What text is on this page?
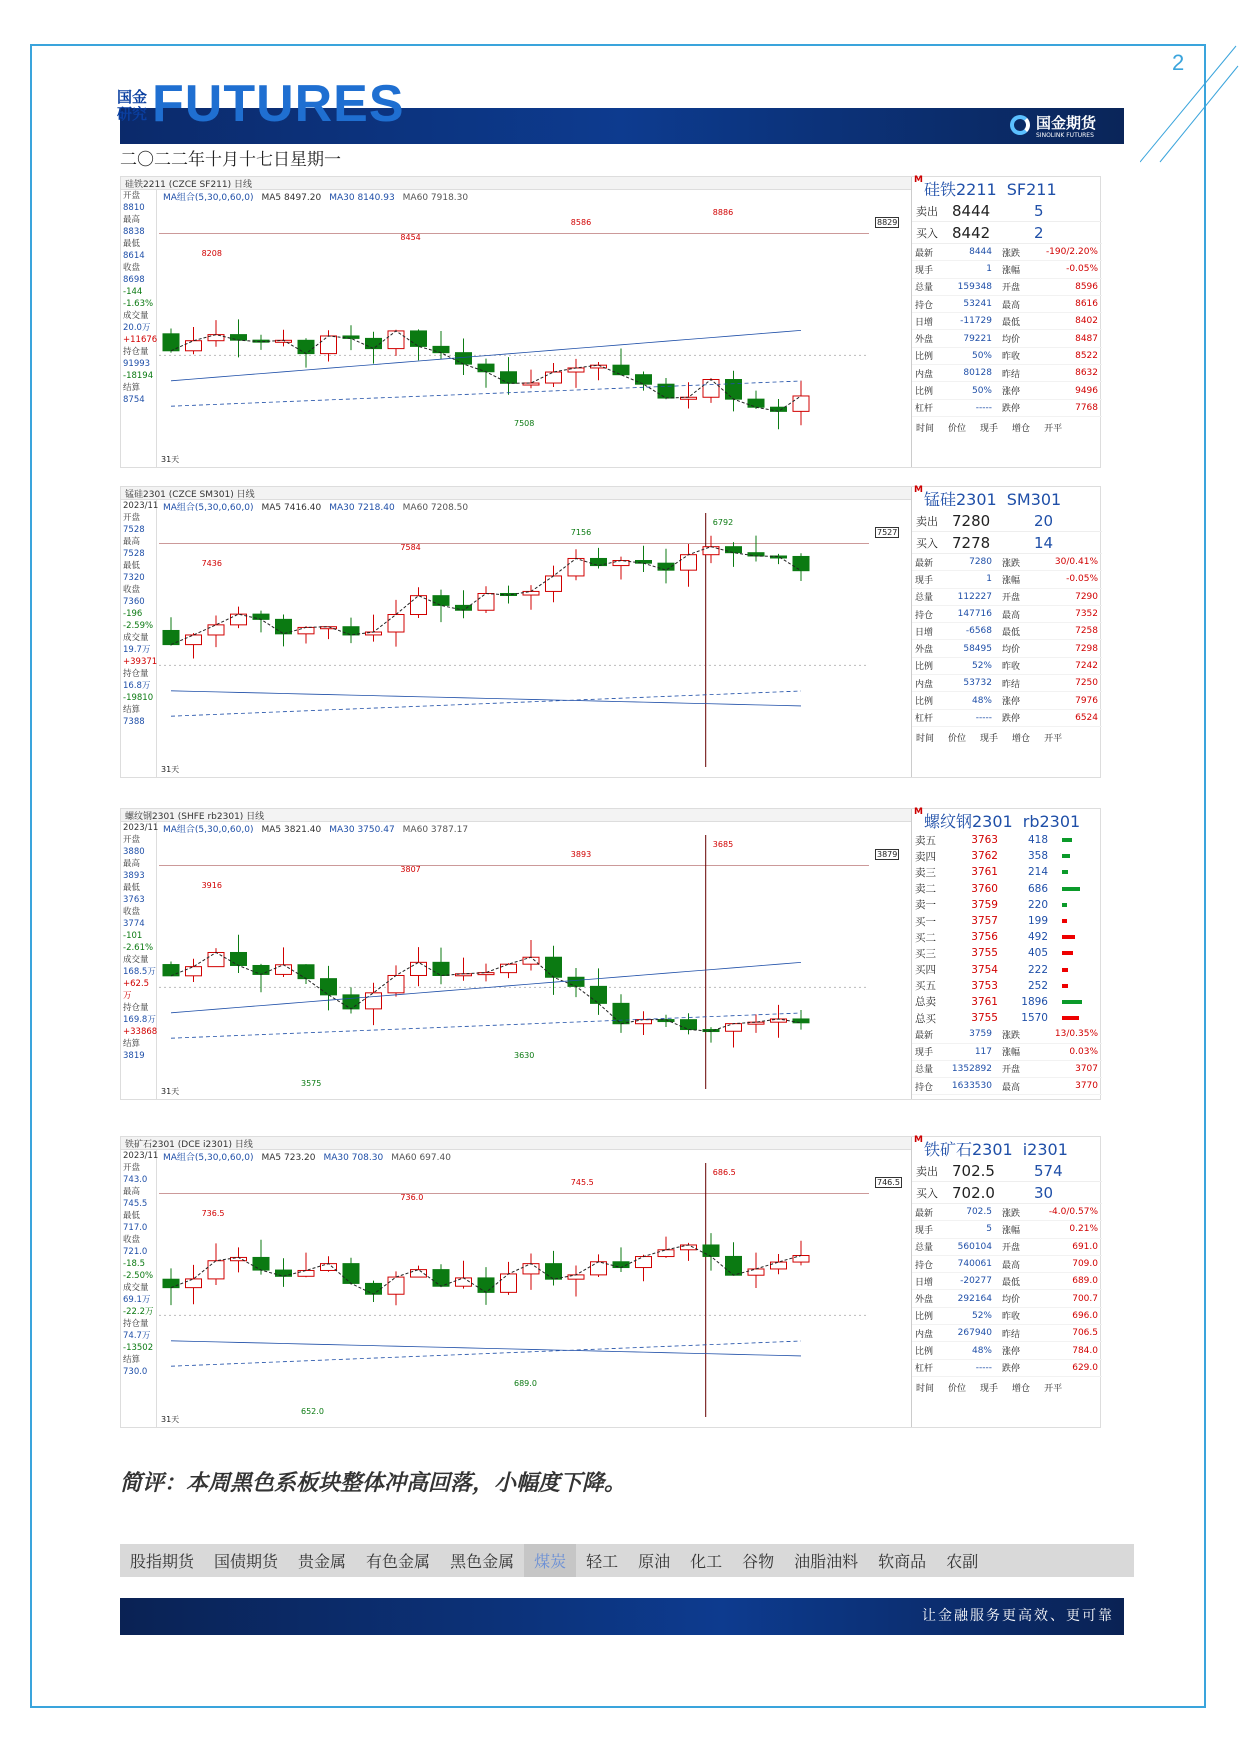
2
国金
研究 FUTURES	国金期货
SINOLINK FUTURES
二〇二二年十月十七日星期一
硅铁2211 (CZCE SF211) 日线
MA组合(5,30,0,60,0) MA5 8497.20 MA30 8140.93 MA60 7918.30
开盘
8810
最高
8838
最低
8614
收盘
8698
-144
-1.63%
成交量
20.0万
+11676
持仓量
91993
-18194
结算
8754
8208
8454
8586
8886
7508
8829
31天
M 硅铁2211 SF211
卖出 8444	5
买入 8442	2
最新	8444	涨跌	-190/2.20%
现手	1	涨幅	-0.05%
总量	159348	开盘	8596
持仓	53241	最高	8616
日增	-11729	最低	8402
外盘	79221	均价	8487
比例	50%	昨收	8522
内盘	80128	昨结	8632
比例	50%	涨停	9496
杠杆	-----	跌停	7768
时间 价位 现手 增仓 开平
锰硅2301 (CZCE SM301) 日线
MA组合(5,30,0,60,0) MA5 7416.40 MA30 7218.40 MA60 7208.50
2023/11
开盘
7528
最高
7528
最低
7320
收盘
7360
-196
-2.59%
成交量
19.7万
+39371
持仓量
16.8万
-19810
结算
7388
7436
7584
7156
6792
7527
31天
M 锰硅2301 SM301
卖出 7280	20
买入 7278	14
最新	7280	涨跌	30/0.41%
现手	1	涨幅	-0.05%
总量	112227	开盘	7290
持仓	147716	最高	7352
日增	-6568	最低	7258
外盘	58495	均价	7298
比例	52%	昨收	7242
内盘	53732	昨结	7250
比例	48%	涨停	7976
杠杆	-----	跌停	6524
时间 价位 现手 增仓 开平
螺纹钢2301 (SHFE rb2301) 日线
MA组合(5,30,0,60,0) MA5 3821.40 MA30 3750.47 MA60 3787.17
2023/11
开盘
3880
最高
3893
最低
3763
收盘
3774
-101
-2.61%
成交量
168.5万
+62.5万
持仓量
169.8万
+33868
结算
3819
3916
3807
3893
3685
3630
3575
3879
31天
M 螺纹钢2301 rb2301
卖五	3763	418
卖四	3762	358
卖三	3761	214
卖二	3760	686
卖一	3759	220
买一	3757	199
买二	3756	492
买三	3755	405
买四	3754	222
买五	3753	252
总卖	3761	1896
总买	3755	1570
最新	3759	涨跌	13/0.35%
现手	117	涨幅	0.03%
总量	1352892	开盘	3707
持仓	1633530	最高	3770
铁矿石2301 (DCE i2301) 日线
MA组合(5,30,0,60,0) MA5 723.20 MA30 708.30 MA60 697.40
2023/11
开盘
743.0
最高
745.5
最低
717.0
收盘
721.0
-18.5
-2.50%
成交量
69.1万
-22.2万
持仓量
74.7万
-13502
结算
730.0
736.5
736.0
745.5
686.5
689.0
652.0
746.5
31天
M 铁矿石2301 i2301
卖出 702.5	574
买入 702.0	30
最新	702.5	涨跌	-4.0/0.57%
现手	5	涨幅	0.21%
总量	560104	开盘	691.0
持仓	740061	最高	709.0
日增	-20277	最低	689.0
外盘	292164	均价	700.7
比例	52%	昨收	696.0
内盘	267940	昨结	706.5
比例	48%	涨停	784.0
杠杆	-----	跌停	629.0
时间 价位 现手 增仓 开平
简评：本周黑色系板块整体冲高回落，小幅度下降。
股指期货	国债期货	贵金属	有色金属	黑色金属	煤炭	轻工	原油	化工	谷物	油脂油料	软商品	农副
让金融服务更高效、更可靠
